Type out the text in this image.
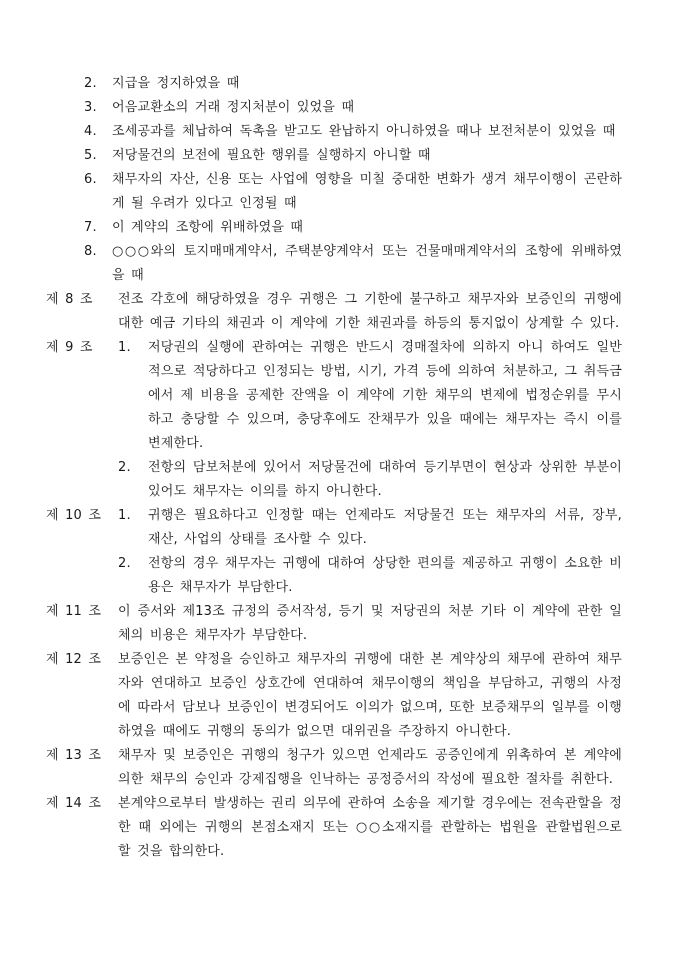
2.	지급을 정지하였을 때
3.	어음교환소의 거래 정지처분이 있었을 때
4.	조세공과를 체납하여 독촉을 받고도 완납하지 아니하였을 때나 보전처분이 있었을 때
5.	저당물건의 보전에 필요한 행위를 실행하지 아니할 때
6.	채무자의 자산, 신용 또는 사업에 영향을 미칠 중대한 변화가 생겨 채무이행이 곤란하게 될 우려가 있다고 인정될 때
7.	이 계약의 조항에 위배하였을 때
8.	○○○와의 토지매매계약서, 주택분양계약서 또는 건물매매계약서의 조항에 위배하였을 때
제 8 조	전조 각호에 해당하였을 경우 귀행은 그 기한에 불구하고 채무자와 보증인의 귀행에 대한 예금 기타의 채권과 이 계약에 기한 채권과를 하등의 통지없이 상계할 수 있다.
제 9 조	1.	저당권의 실행에 관하여는 귀행은 반드시 경매절차에 의하지 아니 하여도 일반적으로 적당하다고 인정되는 방법, 시기, 가격 등에 의하여 처분하고, 그 취득금에서 제 비용을 공제한 잔액을 이 계약에 기한 채무의 변제에 법정순위를 무시하고 충당할 수 있으며, 충당후에도 잔채무가 있을 때에는 채무자는 즉시 이를 변제한다.
2.	전항의 담보처분에 있어서 저당물건에 대하여 등기부면이 현상과 상위한 부분이 있어도 채무자는 이의를 하지 아니한다.
제 10 조	1.	귀행은 필요하다고 인정할 때는 언제라도 저당물건 또는 채무자의 서류, 장부, 재산, 사업의 상태를 조사할 수 있다.
2.	전항의 경우 채무자는 귀행에 대하여 상당한 편의를 제공하고 귀행이 소요한 비용은 채무자가 부담한다.
제 11 조	이 증서와 제13조 규정의 증서작성, 등기 및 저당권의 처분 기타 이 계약에 관한 일체의 비용은 채무자가 부담한다.
제 12 조	보증인은 본 약정을 승인하고 채무자의 귀행에 대한 본 계약상의 채무에 관하여 채무자와 연대하고 보증인 상호간에 연대하여 채무이행의 책임을 부담하고, 귀행의 사정에 따라서 담보나 보증인이 변경되어도 이의가 없으며, 또한 보증채무의 일부를 이행하였을 때에도 귀행의 동의가 없으면 대위권을 주장하지 아니한다.
제 13 조	채무자 및 보증인은 귀행의 청구가 있으면 언제라도 공증인에게 위촉하여 본 계약에 의한 채무의 승인과 강제집행을 인낙하는 공정증서의 작성에 필요한 절차를 취한다.
제 14 조	본계약으로부터 발생하는 권리 의무에 관하여 소송을 제기할 경우에는 전속관할을 정한 때 외에는 귀행의 본점소재지 또는 ○○소재지를 관할하는 법원을 관할법원으로 할 것을 합의한다.
